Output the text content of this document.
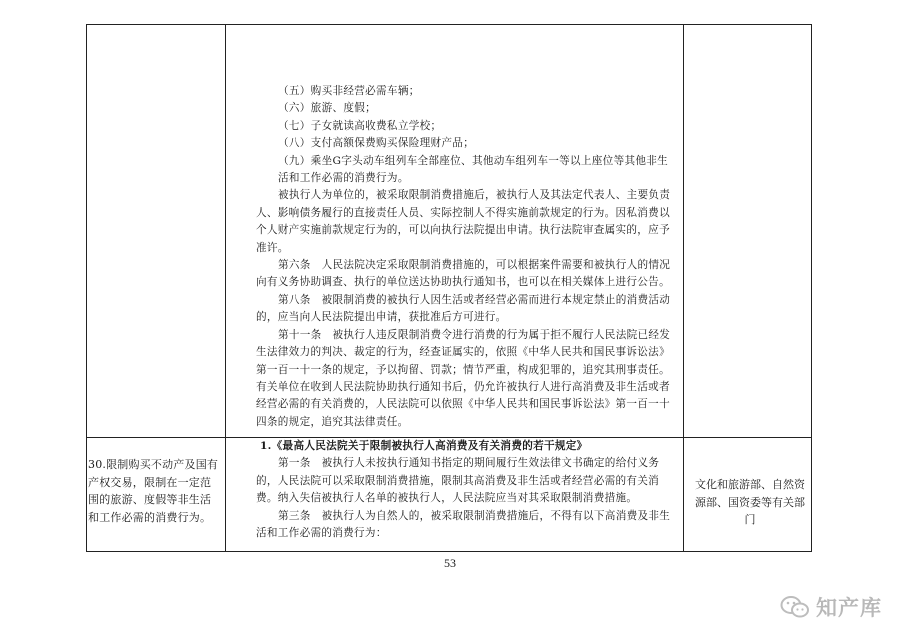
（五）购买非经营必需车辆；

（六）旅游、度假；

（七）子女就读高收费私立学校；

（八）支付高额保费购买保险理财产品；

（九）乘坐G字头动车组列车全部座位、其他动车组列车一等以上座位等其他非生活和工作必需的消费行为。

被执行人为单位的，被采取限制消费措施后，被执行人及其法定代表人、主要负责人、影响债务履行的直接责任人员、实际控制人不得实施前款规定的行为。因私消费以个人财产实施前款规定行为的，可以向执行法院提出申请。执行法院审查属实的，应予准许。

第六条　人民法院决定采取限制消费措施的，可以根据案件需要和被执行人的情况向有义务协助调查、执行的单位送达协助执行通知书，也可以在相关媒体上进行公告。

第八条　被限制消费的被执行人因生活或者经营必需而进行本规定禁止的消费活动的，应当向人民法院提出申请，获批准后方可进行。

第十一条　被执行人违反限制消费令进行消费的行为属于拒不履行人民法院已经发生法律效力的判决、裁定的行为，经查证属实的，依照《中华人民共和国民事诉讼法》第一百一十一条的规定，予以拘留、罚款；情节严重，构成犯罪的，追究其刑事责任。有关单位在收到人民法院协助执行通知书后，仍允许被执行人进行高消费及非生活或者经营必需的有关消费的，人民法院可以依照《中华人民共和国民事诉讼法》第一百一十四条的规定，追究其法律责任。

30.限制购买不动产及国有产权交易，限制在一定范围的旅游、度假等非生活和工作必需的消费行为。

1.《最高人民法院关于限制被执行人高消费及有关消费的若干规定》

第一条　被执行人未按执行通知书指定的期间履行生效法律文书确定的给付义务的，人民法院可以采取限制消费措施，限制其高消费及非生活或者经营必需的有关消费。纳入失信被执行人名单的被执行人，人民法院应当对其采取限制消费措施。

第三条　被执行人为自然人的，被采取限制消费措施后，不得有以下高消费及非生活和工作必需的消费行为：

文化和旅游部、自然资源部、国资委等有关部门
53
知产库
